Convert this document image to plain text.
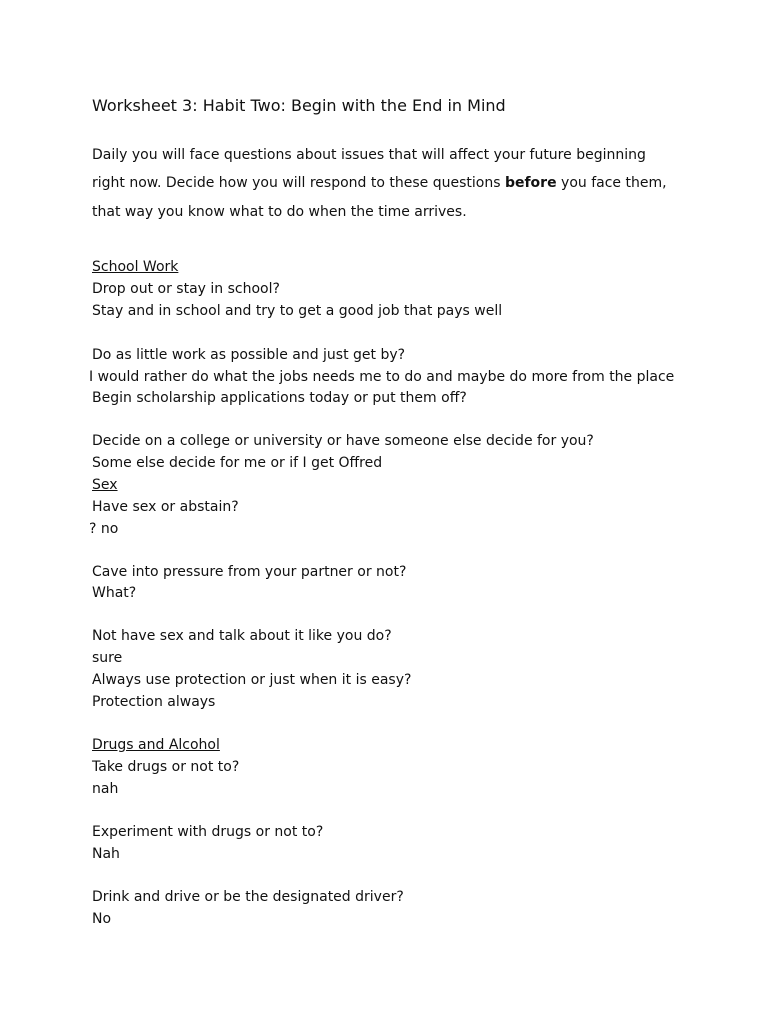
Worksheet 3: Habit Two: Begin with the End in Mind
Daily you will face questions about issues that will affect your future beginning
right now. Decide how you will respond to these questions before you face them,
that way you know what to do when the time arrives.
School Work
Drop out or stay in school?
Stay and in school and try to get a good job that pays well
Do as little work as possible and just get by?
I would rather do what the jobs needs me to do and maybe do more from the place
Begin scholarship applications today or put them off?
Decide on a college or university or have someone else decide for you?
Some else decide for me or if I get Offred
Sex
Have sex or abstain?
? no
Cave into pressure from your partner or not?
What?
Not have sex and talk about it like you do?
sure
Always use protection or just when it is easy?
Protection always
Drugs and Alcohol
Take drugs or not to?
nah
Experiment with drugs or not to?
Nah
Drink and drive or be the designated driver?
No
